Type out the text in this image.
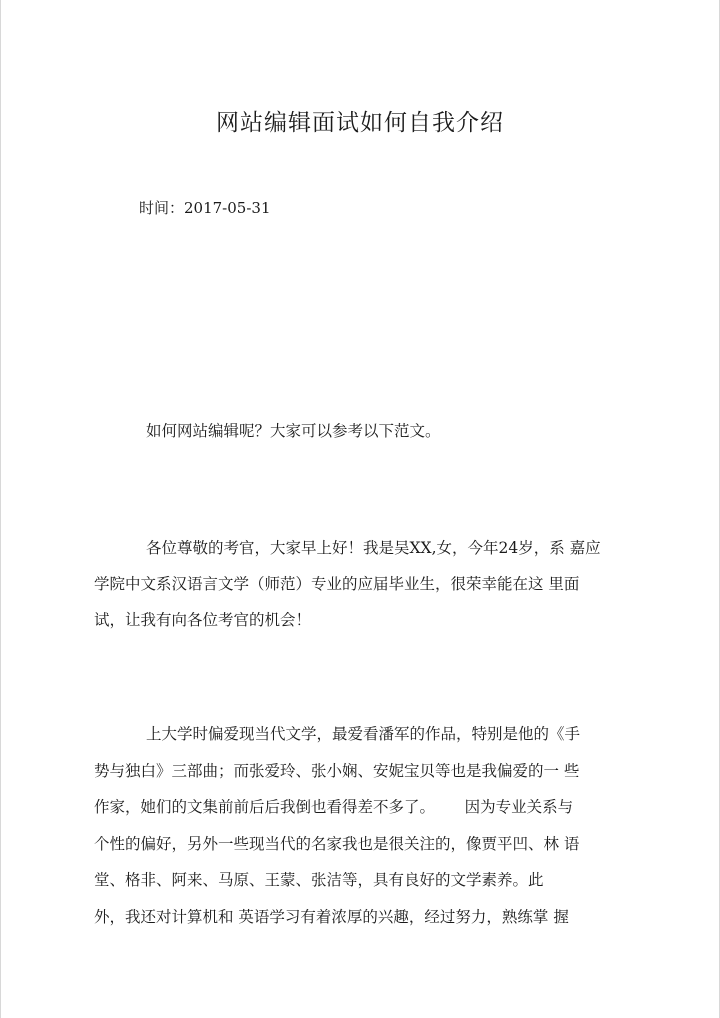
网站编辑面试如何自我介绍
时间：2017-05-31

如何网站编辑呢？大家可以参考以下范文。

各位尊敬的考官，大家早上好！我是吴XX,女，今年24岁，系 嘉应
学院中文系汉语言文学（师范）专业的应届毕业生，很荣幸能在这 里面
试，让我有向各位考官的机会！
上大学时偏爱现当代文学，最爱看潘军的作品，特别是他的《手
势与独白》三部曲；而张爱玲、张小娴、安妮宝贝等也是我偏爱的一 些
作家，她们的文集前前后后我倒也看得差不多了。      因为专业关系与
个性的偏好，另外一些现当代的名家我也是很关注的，像贾平凹、林 语
堂、格非、阿来、马原、王蒙、张洁等，具有良好的文学素养。此
外，我还对计算机和 英语学习有着浓厚的兴趣，经过努力，熟练掌 握
